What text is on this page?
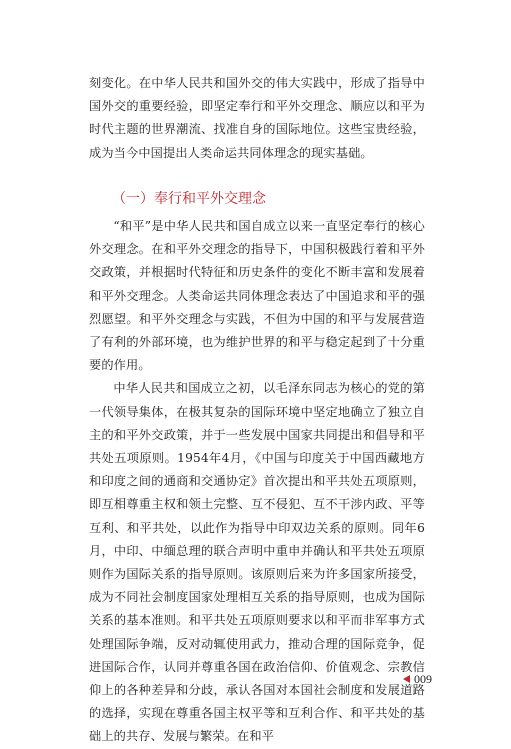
刻变化。在中华人民共和国外交的伟大实践中，形成了指导中国外交的重要经验，即坚定奉行和平外交理念、顺应以和平为时代主题的世界潮流、找准自身的国际地位。这些宝贵经验，成为当今中国提出人类命运共同体理念的现实基础。

（一）奉行和平外交理念

“和平”是中华人民共和国自成立以来一直坚定奉行的核心外交理念。在和平外交理念的指导下，中国积极践行着和平外交政策，并根据时代特征和历史条件的变化不断丰富和发展着和平外交理念。人类命运共同体理念表达了中国追求和平的强烈愿望。和平外交理念与实践，不但为中国的和平与发展营造了有利的外部环境，也为维护世界的和平与稳定起到了十分重要的作用。

中华人民共和国成立之初，以毛泽东同志为核心的党的第一代领导集体，在极其复杂的国际环境中坚定地确立了独立自主的和平外交政策，并于一些发展中国家共同提出和倡导和平共处五项原则。1954年4月，《中国与印度关于中国西藏地方和印度之间的通商和交通协定》首次提出和平共处五项原则，即互相尊重主权和领土完整、互不侵犯、互不干涉内政、平等互利、和平共处，以此作为指导中印双边关系的原则。同年6月，中印、中缅总理的联合声明中重申并确认和平共处五项原则作为国际关系的指导原则。该原则后来为许多国家所接受，成为不同社会制度国家处理相互关系的指导原则，也成为国际关系的基本准则。和平共处五项原则要求以和平而非军事方式处理国际争端，反对动辄使用武力，推动合理的国际竞争，促进国际合作，认同并尊重各国在政治信仰、价值观念、宗教信仰上的各种差异和分歧，承认各国对本国社会制度和发展道路的选择，实现在尊重各国主权平等和互利合作、和平共处的基础上的共存、发展与繁荣。在和平

009
